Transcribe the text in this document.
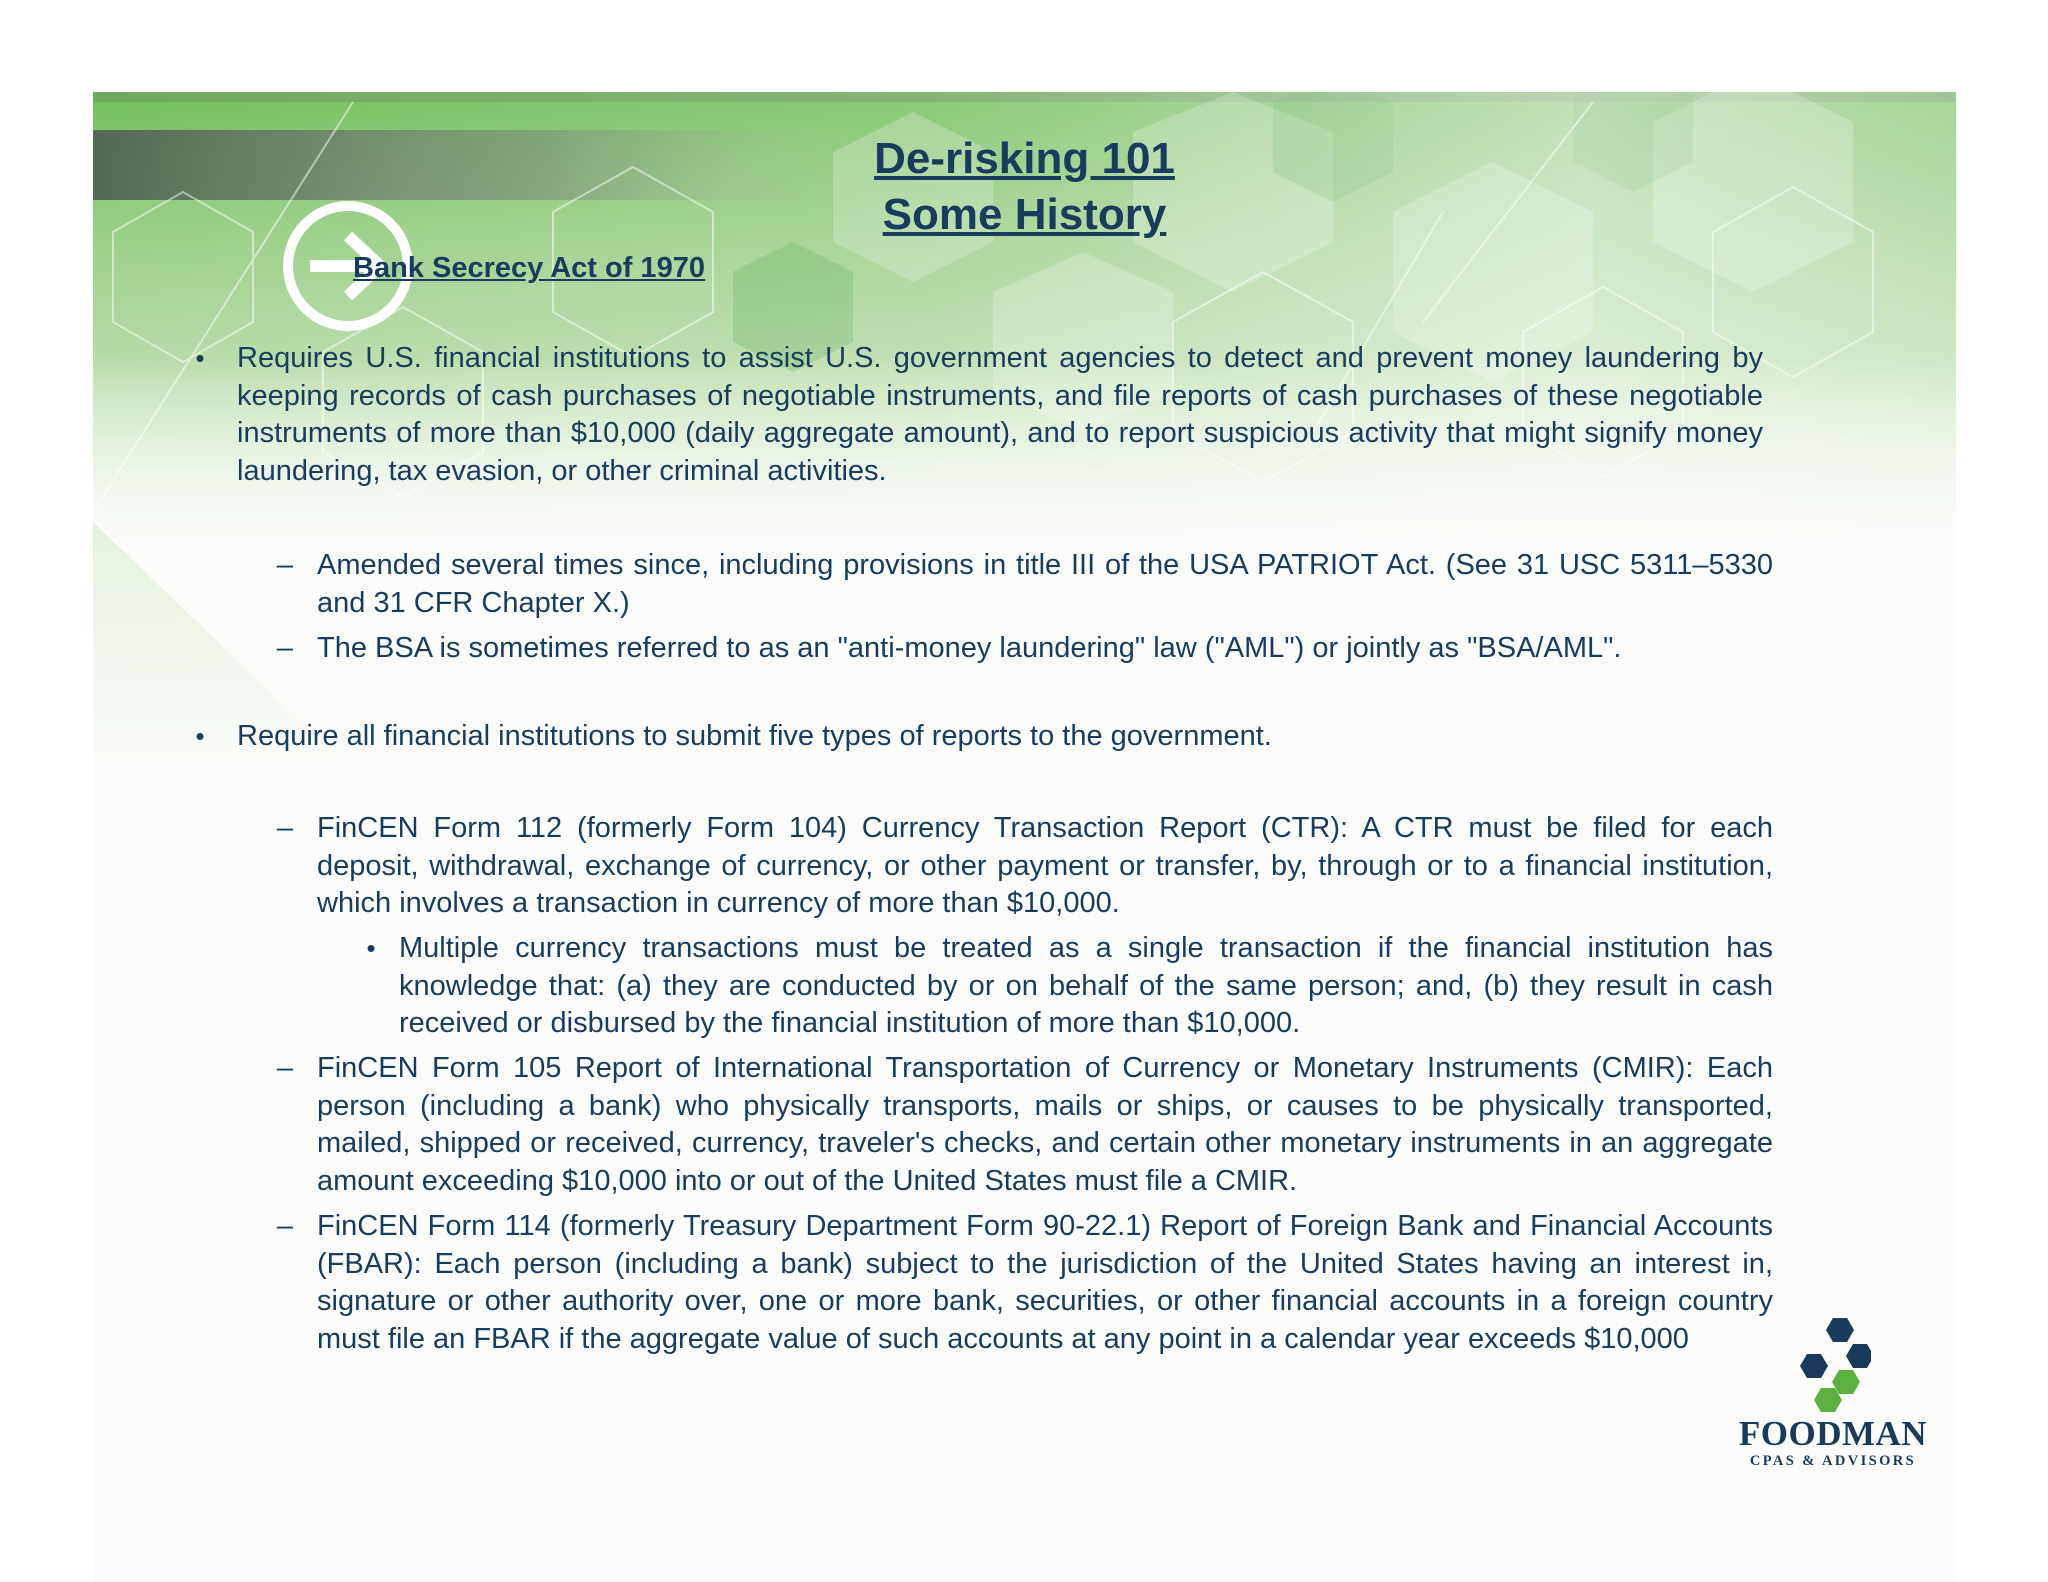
De-risking 101
Some History
Bank Secrecy Act of 1970
•	Requires U.S. financial institutions to assist U.S. government agencies to detect and prevent money laundering by keeping records of cash purchases of negotiable instruments, and file reports of cash purchases of these negotiable instruments of more than $10,000 (daily aggregate amount), and to report suspicious activity that might signify money laundering, tax evasion, or other criminal activities.
– Amended several times since, including provisions in title III of the USA PATRIOT Act. (See 31 USC 5311–5330 and 31 CFR Chapter X.)
– The BSA is sometimes referred to as an "anti-money laundering" law ("AML") or jointly as "BSA/AML".
•	Require all financial institutions to submit five types of reports to the government.
– FinCEN Form 112 (formerly Form 104) Currency Transaction Report (CTR): A CTR must be filed for each deposit, withdrawal, exchange of currency, or other payment or transfer, by, through or to a financial institution, which involves a transaction in currency of more than $10,000.
• Multiple currency transactions must be treated as a single transaction if the financial institution has knowledge that: (a) they are conducted by or on behalf of the same person; and, (b) they result in cash received or disbursed by the financial institution of more than $10,000.
– FinCEN Form 105 Report of International Transportation of Currency or Monetary Instruments (CMIR): Each person (including a bank) who physically transports, mails or ships, or causes to be physically transported, mailed, shipped or received, currency, traveler's checks, and certain other monetary instruments in an aggregate amount exceeding $10,000 into or out of the United States must file a CMIR.
– FinCEN Form 114 (formerly Treasury Department Form 90-22.1) Report of Foreign Bank and Financial Accounts (FBAR): Each person (including a bank) subject to the jurisdiction of the United States having an interest in, signature or other authority over, one or more bank, securities, or other financial accounts in a foreign country must file an FBAR if the aggregate value of such accounts at any point in a calendar year exceeds $10,000
FOODMAN
CPAS & ADVISORS
